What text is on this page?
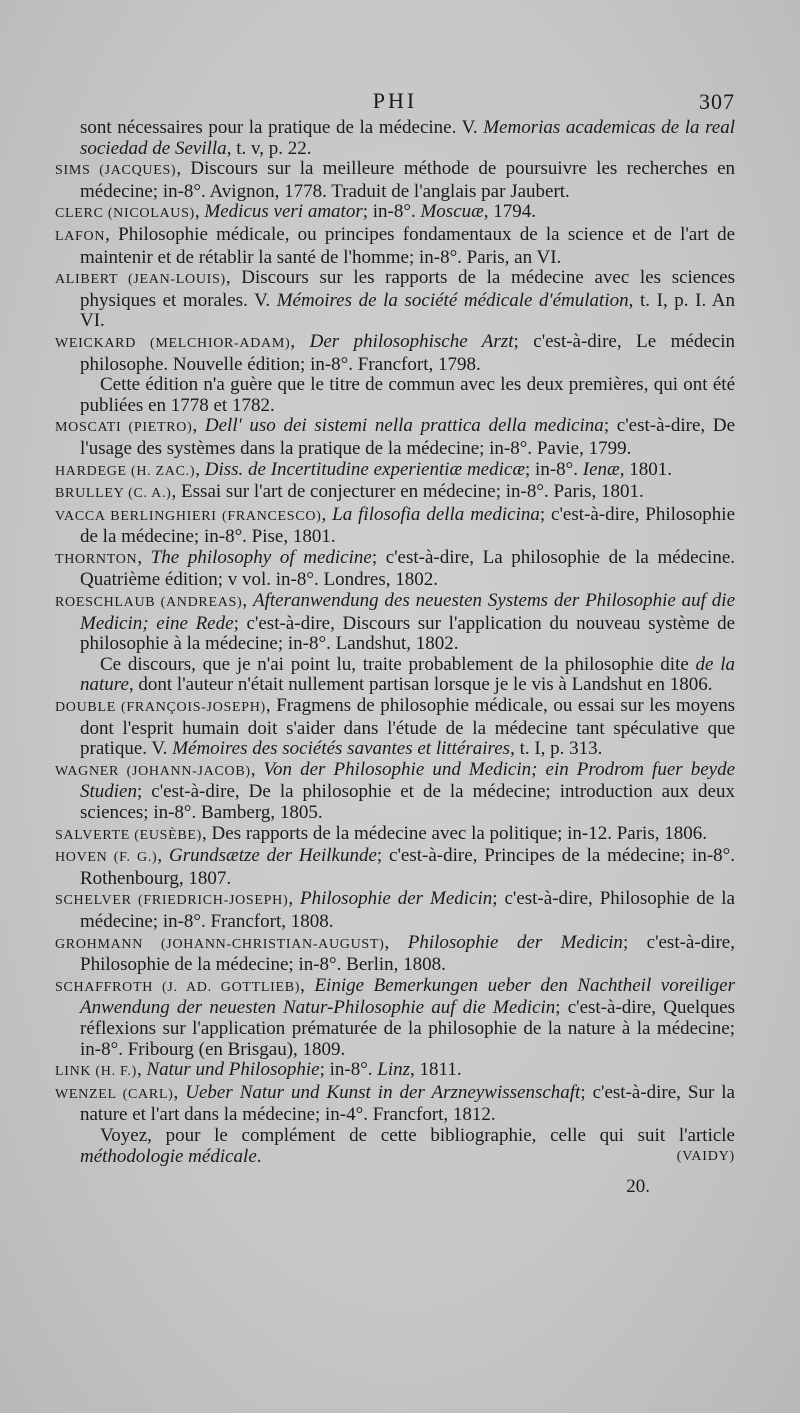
PHI	307

sont nécessaires pour la pratique de la médecine. V. Memorias academicas de la real sociedad de Sevilla, t. v, p. 22.

SIMS (JACQUES), Discours sur la meilleure méthode de poursuivre les recherches en médecine; in-8°. Avignon, 1778. Traduit de l'anglais par Jaubert.

CLERC (NICOLAUS), Medicus veri amator; in-8°. Moscuæ, 1794.

LAFON, Philosophie médicale, ou principes fondamentaux de la science et de l'art de maintenir et de rétablir la santé de l'homme; in-8°. Paris, an VI.

ALIBERT (JEAN-LOUIS), Discours sur les rapports de la médecine avec les sciences physiques et morales. V. Mémoires de la société médicale d'émulation, t. I, p. I. An VI.

WEICKARD (MELCHIOR-ADAM), Der philosophische Arzt; c'est-à-dire, Le médecin philosophe. Nouvelle édition; in-8°. Francfort, 1798.

Cette édition n'a guère que le titre de commun avec les deux premières, qui ont été publiées en 1778 et 1782.

MOSCATI (PIETRO), Dell' uso dei sistemi nella prattica della medicina; c'est-à-dire, De l'usage des systèmes dans la pratique de la médecine; in-8°. Pavie, 1799.

HARDEGE (H. ZAC.), Diss. de Incertitudine experientiæ medicæ; in-8°. Ienæ, 1801.

BRULLEY (C. A.), Essai sur l'art de conjecturer en médecine; in-8°. Paris, 1801.

VACCA BERLINGHIERI (FRANCESCO), La filosofia della medicina; c'est-à-dire, Philosophie de la médecine; in-8°. Pise, 1801.

THORNTON, The philosophy of medicine; c'est-à-dire, La philosophie de la médecine. Quatrième édition; v vol. in-8°. Londres, 1802.

ROESCHLAUB (ANDREAS), Afteranwendung des neuesten Systems der Philosophie auf die Medicin; eine Rede; c'est-à-dire, Discours sur l'application du nouveau système de philosophie à la médecine; in-8°. Landshut, 1802.

Ce discours, que je n'ai point lu, traite probablement de la philosophie dite de la nature, dont l'auteur n'était nullement partisan lorsque je le vis à Landshut en 1806.

DOUBLE (FRANÇOIS-JOSEPH), Fragmens de philosophie médicale, ou essai sur les moyens dont l'esprit humain doit s'aider dans l'étude de la médecine tant spéculative que pratique. V. Mémoires des sociétés savantes et littéraires, t. I, p. 313.

WAGNER (JOHANN-JACOB), Von der Philosophie und Medicin; ein Prodrom fuer beyde Studien; c'est-à-dire, De la philosophie et de la médecine; introduction aux deux sciences; in-8°. Bamberg, 1805.

SALVERTE (EUSÈBE), Des rapports de la médecine avec la politique; in-12. Paris, 1806.

HOVEN (F. G.), Grundsætze der Heilkunde; c'est-à-dire, Principes de la médecine; in-8°. Rothenbourg, 1807.

SCHELVER (FRIEDRICH-JOSEPH), Philosophie der Medicin; c'est-à-dire, Philosophie de la médecine; in-8°. Francfort, 1808.

GROHMANN (JOHANN-CHRISTIAN-AUGUST), Philosophie der Medicin; c'est-à-dire, Philosophie de la médecine; in-8°. Berlin, 1808.

SCHAFFROTH (J. AD. GOTTLIEB), Einige Bemerkungen ueber den Nachtheil voreiliger Anwendung der neuesten Natur-Philosophie auf die Medicin; c'est-à-dire, Quelques réflexions sur l'application prématurée de la philosophie de la nature à la médecine; in-8°. Fribourg (en Brisgau), 1809.

LINK (H. F.), Natur und Philosophie; in-8°. Linz, 1811.

WENZEL (CARL), Ueber Natur und Kunst in der Arzneywissenschaft; c'est-à-dire, Sur la nature et l'art dans la médecine; in-4°. Francfort, 1812.

Voyez, pour le complément de cette bibliographie, celle qui suit l'article méthodologie médicale.	(VAIDY)

20.
